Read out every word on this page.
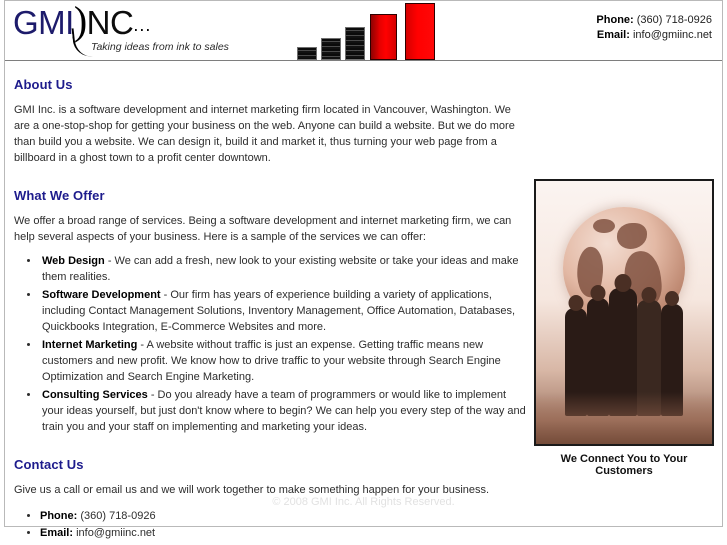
GMI)NC...
Taking ideas from ink to sales
Phone: (360) 718-0926
Email: info@gmiinc.net
About Us

GMI Inc. is a software development and internet marketing firm located in Vancouver, Washington. We are a one-stop-shop for getting your business on the web. Anyone can build a website. But we do more than build you a website. We can design it, build it and market it, thus turning your web page from a billboard in a ghost town to a profit center downtown.

What We Offer

We offer a broad range of services. Being a software development and internet marketing firm, we can help several aspects of your business. Here is a sample of the services we can offer:

• Web Design - We can add a fresh, new look to your existing website or take your ideas and make them realities.
• Software Development - Our firm has years of experience building a variety of applications, including Contact Management Solutions, Inventory Management, Office Automation, Databases, Quickbooks Integration, E-Commerce Websites and more.
• Internet Marketing - A website without traffic is just an expense. Getting traffic means new customers and new profit. We know how to drive traffic to your website through Search Engine Optimization and Search Engine Marketing.
• Consulting Services - Do you already have a team of programmers or would like to implement your ideas yourself, but just don't know where to begin? We can help you every step of the way and train you and your staff on implementing and marketing your ideas.
Contact Us

Give us a call or email us and we will work together to make something happen for your business.

• Phone: (360) 718-0926
• Email: info@gmiinc.net
We Connect You to Your Customers
© 2008 GMI Inc. All Rights Reserved.
